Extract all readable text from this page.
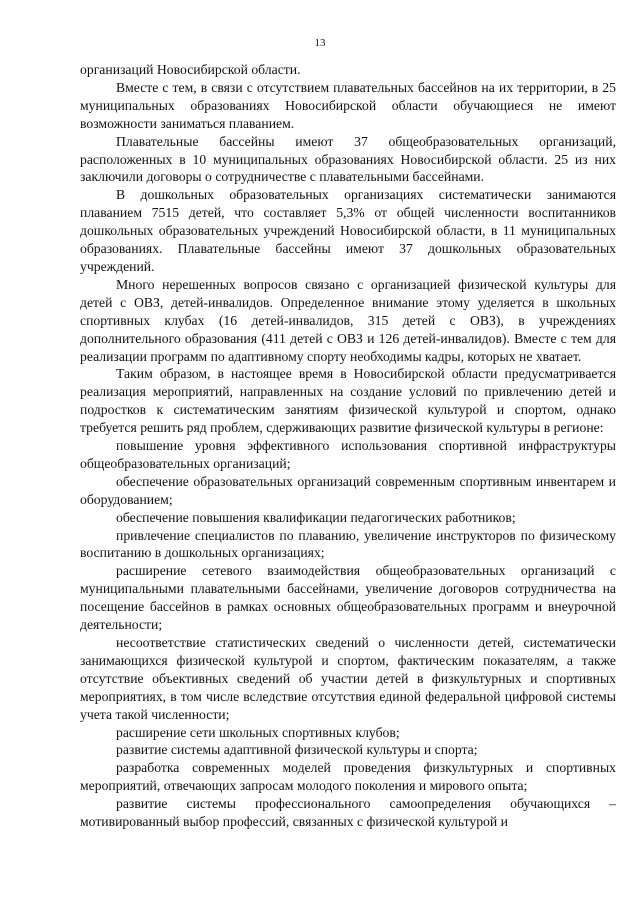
13

организаций Новосибирской области.

Вместе с тем, в связи с отсутствием плавательных бассейнов на их территории, в 25 муниципальных образованиях Новосибирской области обучающиеся не имеют возможности заниматься плаванием.

Плавательные бассейны имеют 37 общеобразовательных организаций, расположенных в 10 муниципальных образованиях Новосибирской области. 25 из них заключили договоры о сотрудничестве с плавательными бассейнами.

В дошкольных образовательных организациях систематически занимаются плаванием 7515 детей, что составляет 5,3% от общей численности воспитанников дошкольных образовательных учреждений Новосибирской области, в 11 муниципальных образованиях. Плавательные бассейны имеют 37 дошкольных образовательных учреждений.

Много нерешенных вопросов связано с организацией физической культуры для детей с ОВЗ, детей-инвалидов. Определенное внимание этому уделяется в школьных спортивных клубах (16 детей-инвалидов, 315 детей с ОВЗ), в учреждениях дополнительного образования (411 детей с ОВЗ и 126 детей-инвалидов). Вместе с тем для реализации программ по адаптивному спорту необходимы кадры, которых не хватает.

Таким образом, в настоящее время в Новосибирской области предусматривается реализация мероприятий, направленных на создание условий по привлечению детей и подростков к систематическим занятиям физической культурой и спортом, однако требуется решить ряд проблем, сдерживающих развитие физической культуры в регионе:

повышение уровня эффективного использования спортивной инфраструктуры общеобразовательных организаций;

обеспечение образовательных организаций современным спортивным инвентарем и оборудованием;

обеспечение повышения квалификации педагогических работников;

привлечение специалистов по плаванию, увеличение инструкторов по физическому воспитанию в дошкольных организациях;

расширение сетевого взаимодействия общеобразовательных организаций с муниципальными плавательными бассейнами, увеличение договоров сотрудничества на посещение бассейнов в рамках основных общеобразовательных программ и внеурочной деятельности;

несоответствие статистических сведений о численности детей, систематически занимающихся физической культурой и спортом, фактическим показателям, а также отсутствие объективных сведений об участии детей в физкультурных и спортивных мероприятиях, в том числе вследствие отсутствия единой федеральной цифровой системы учета такой численности;

расширение сети школьных спортивных клубов;

развитие системы адаптивной физической культуры и спорта;

разработка современных моделей проведения физкультурных и спортивных мероприятий, отвечающих запросам молодого поколения и мирового опыта;

развитие системы профессионального самоопределения обучающихся – мотивированный выбор профессий, связанных с физической культурой и
